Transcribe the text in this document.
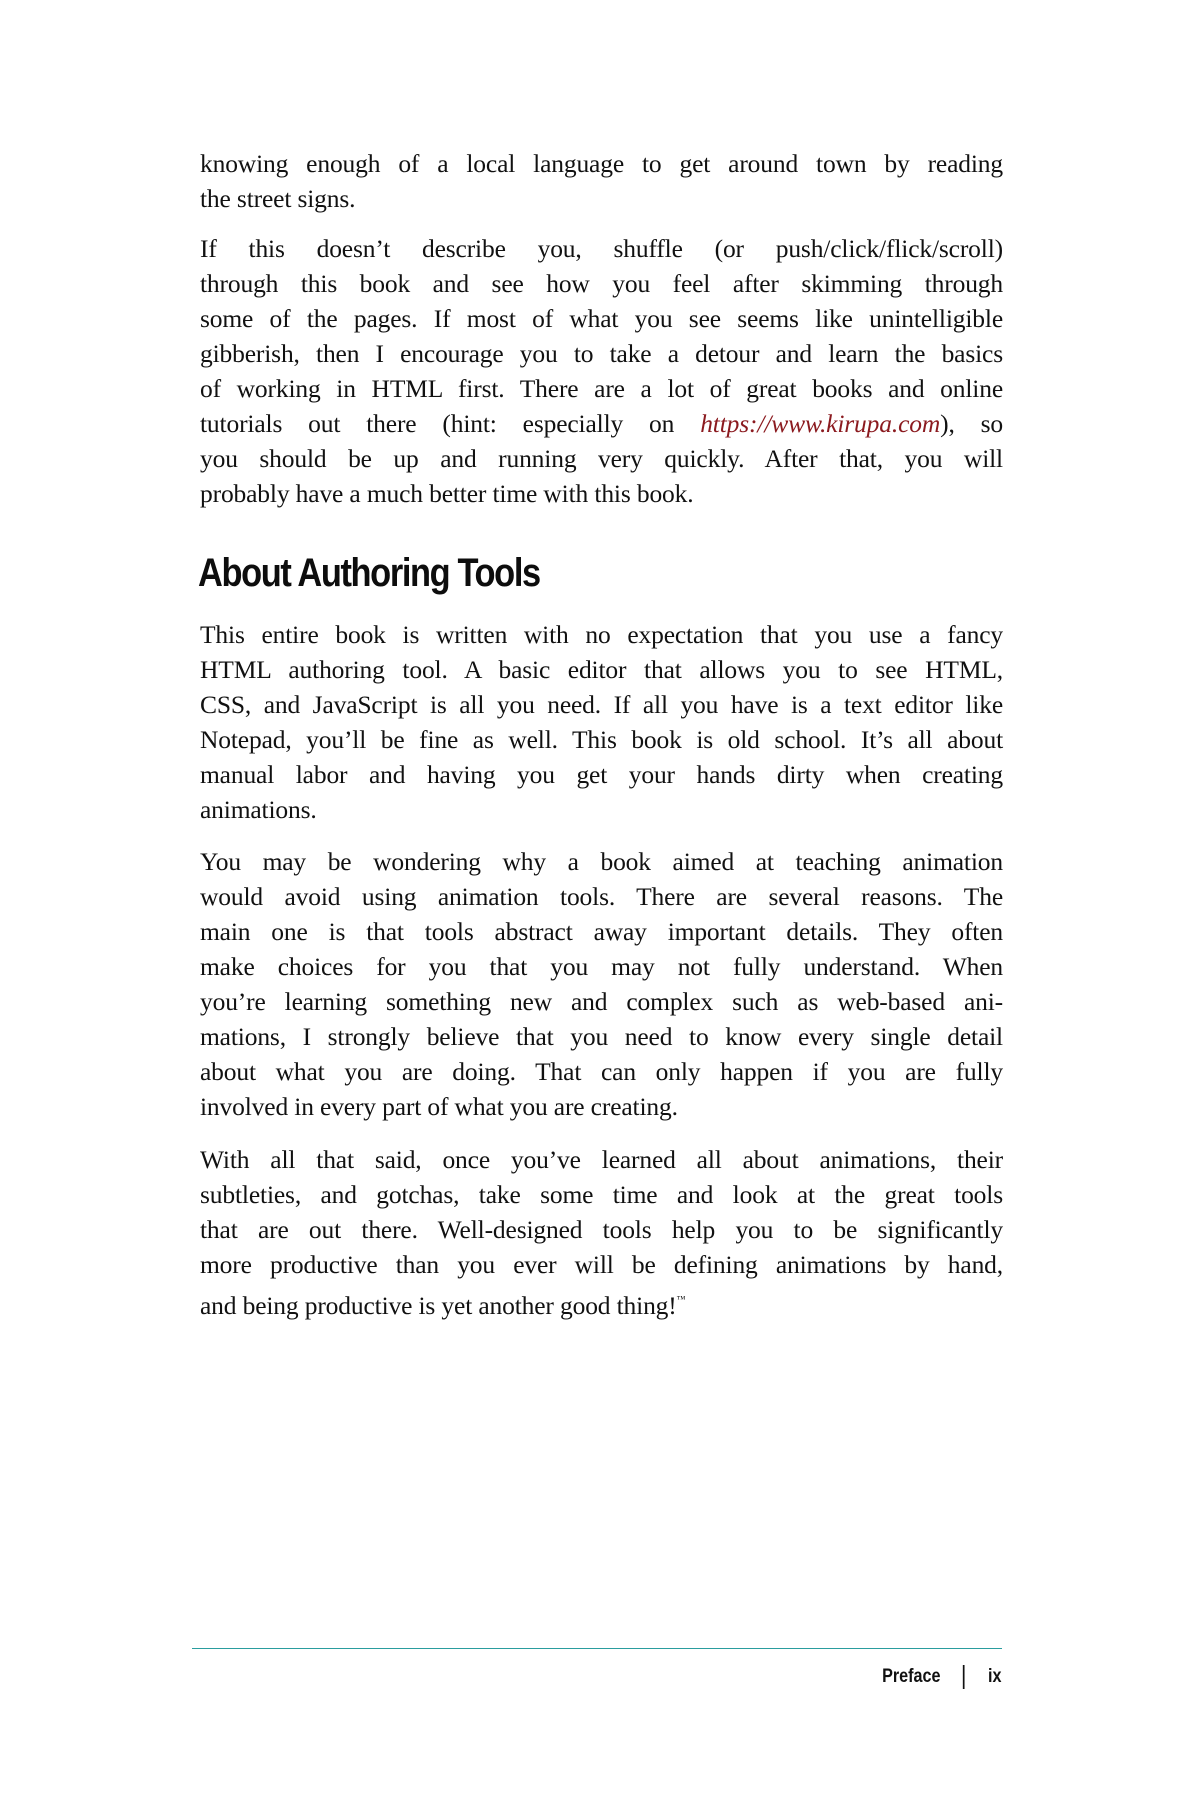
knowing enough of a local language to get around town by reading
the street signs.
If this doesn’t describe you, shuffle (or push/click/flick/scroll)
through this book and see how you feel after skimming through
some of the pages. If most of what you see seems like unintelligible
gibberish, then I encourage you to take a detour and learn the basics
of working in HTML first. There are a lot of great books and online
tutorials out there (hint: especially on https://www.kirupa.com), so
you should be up and running very quickly. After that, you will
probably have a much better time with this book.
About Authoring Tools
This entire book is written with no expectation that you use a fancy
HTML authoring tool. A basic editor that allows you to see HTML,
CSS, and JavaScript is all you need. If all you have is a text editor like
Notepad, you’ll be fine as well. This book is old school. It’s all about
manual labor and having you get your hands dirty when creating
animations.
You may be wondering why a book aimed at teaching animation
would avoid using animation tools. There are several reasons. The
main one is that tools abstract away important details. They often
make choices for you that you may not fully understand. When
you’re learning something new and complex such as web-based ani-
mations, I strongly believe that you need to know every single detail
about what you are doing. That can only happen if you are fully
involved in every part of what you are creating.
With all that said, once you’ve learned all about animations, their
subtleties, and gotchas, take some time and look at the great tools
that are out there. Well-designed tools help you to be significantly
more productive than you ever will be defining animations by hand,
and being productive is yet another good thing!™
Preface	ix
